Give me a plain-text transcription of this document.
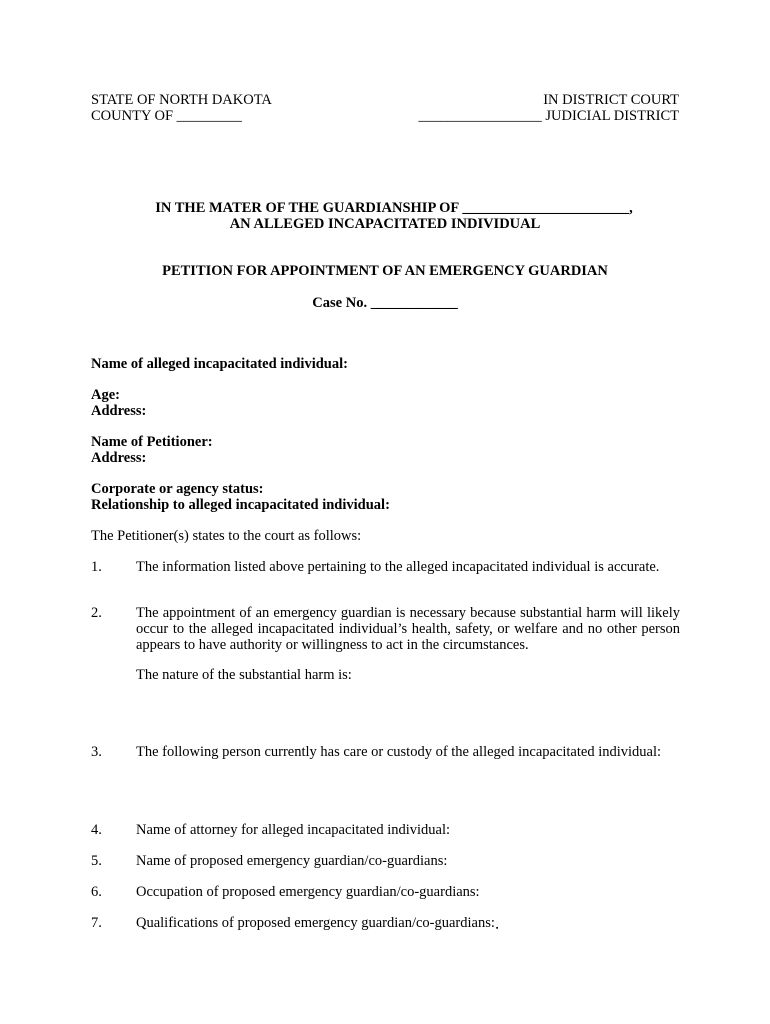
STATE OF NORTH DAKOTA
COUNTY OF _________
IN DISTRICT COURT
_________________ JUDICIAL DISTRICT
IN THE MATER OF THE GUARDIANSHIP OF _______________________,
AN ALLEGED INCAPACITATED INDIVIDUAL
PETITION FOR APPOINTMENT OF AN EMERGENCY GUARDIAN
Case No. ____________
Name of alleged incapacitated individual:
Age:
Address:
Name of Petitioner:
Address:
Corporate or agency status:
Relationship to alleged incapacitated individual:
The Petitioner(s) states to the court as follows:
1. The information listed above pertaining to the alleged incapacitated individual is accurate.
2. The appointment of an emergency guardian is necessary because substantial harm will likely occur to the alleged incapacitated individual’s health, safety, or welfare and no other person appears to have authority or willingness to act in the circumstances.
The nature of the substantial harm is:
3. The following person currently has care or custody of the alleged incapacitated individual:
4. Name of attorney for alleged incapacitated individual:
5. Name of proposed emergency guardian/co-guardians:
6. Occupation of proposed emergency guardian/co-guardians:
7. Qualifications of proposed emergency guardian/co-guardians:▪
